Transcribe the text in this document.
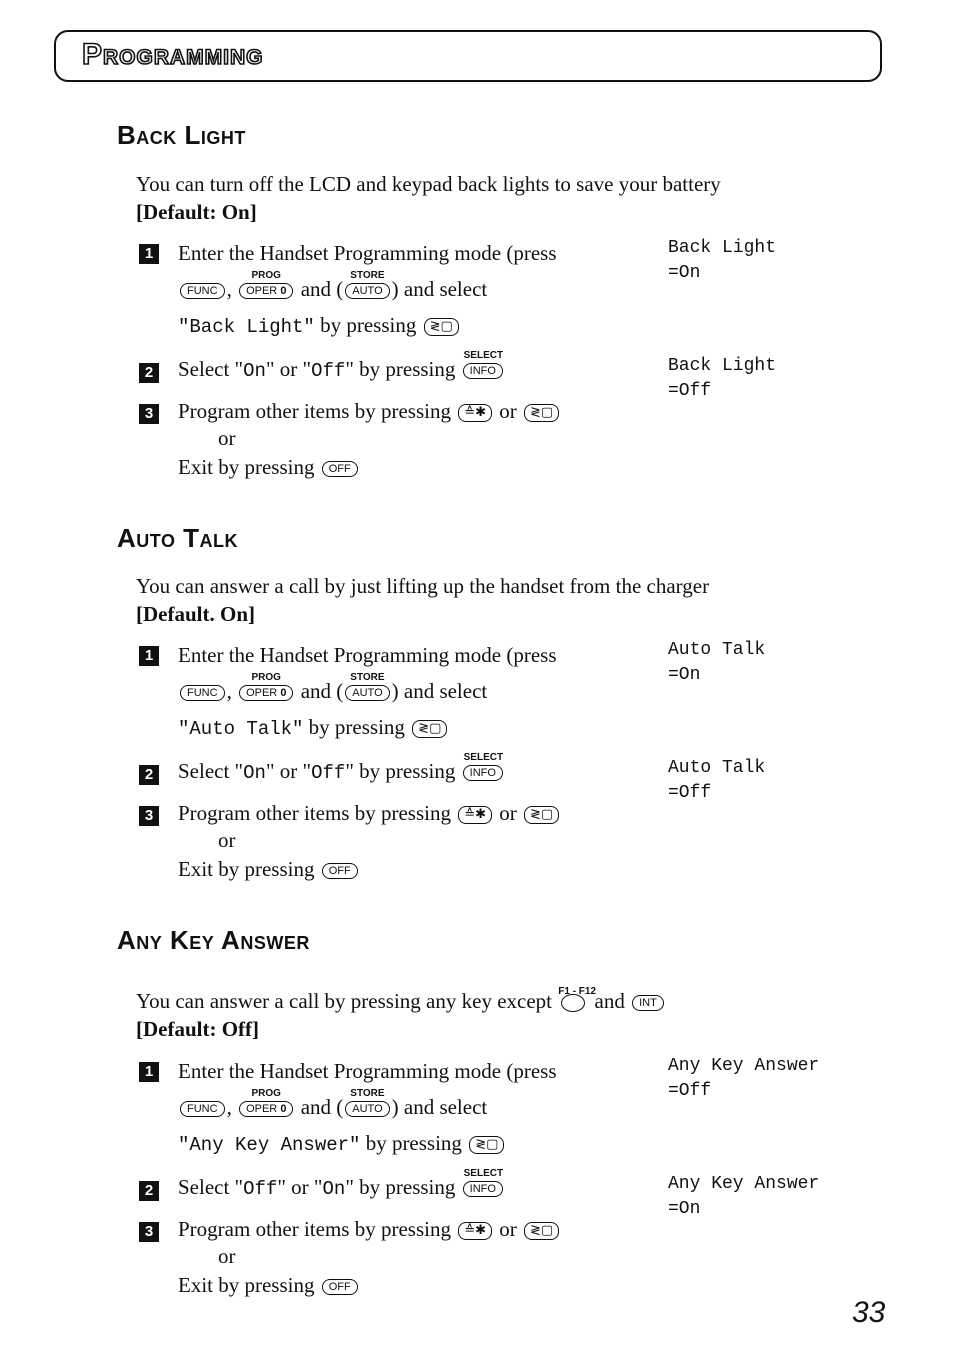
Programming
Back Light
You can turn off the LCD and keypad back lights to save your battery
[Default: On]
1 Enter the Handset Programming mode (press
FUNC ,
PROG
OPER 0 and (
STORE
AUTO ) and select
"Back Light" by pressing ≷▢
2 Select "On" or "Off" by pressing
SELECT
INFO
3 Program other items by pressing ≙✱ or ≷▢
or
Exit by pressing OFF
Back Light
=On
Back Light
=Off
Auto Talk
You can answer a call by just lifting up the handset from the charger
[Default. On]
1 Enter the Handset Programming mode (press
FUNC ,
PROG
OPER 0 and (
STORE
AUTO ) and select
"Auto Talk" by pressing ≷▢
2 Select "On" or "Off" by pressing
SELECT
INFO
3 Program other items by pressing ≙✱ or ≷▢
or
Exit by pressing OFF
Auto Talk
=On
Auto Talk
=Off
Any Key Answer
You can answer a call by pressing any key except F1 - F12
and INT
[Default: Off]
1 Enter the Handset Programming mode (press
FUNC ,
PROG
OPER 0 and (
STORE
AUTO ) and select
"Any Key Answer" by pressing ≷▢
2 Select "Off" or "On" by pressing
SELECT
INFO
3 Program other items by pressing ≙✱ or ≷▢
or
Exit by pressing OFF
Any Key Answer
=Off
Any Key Answer
=On
33
